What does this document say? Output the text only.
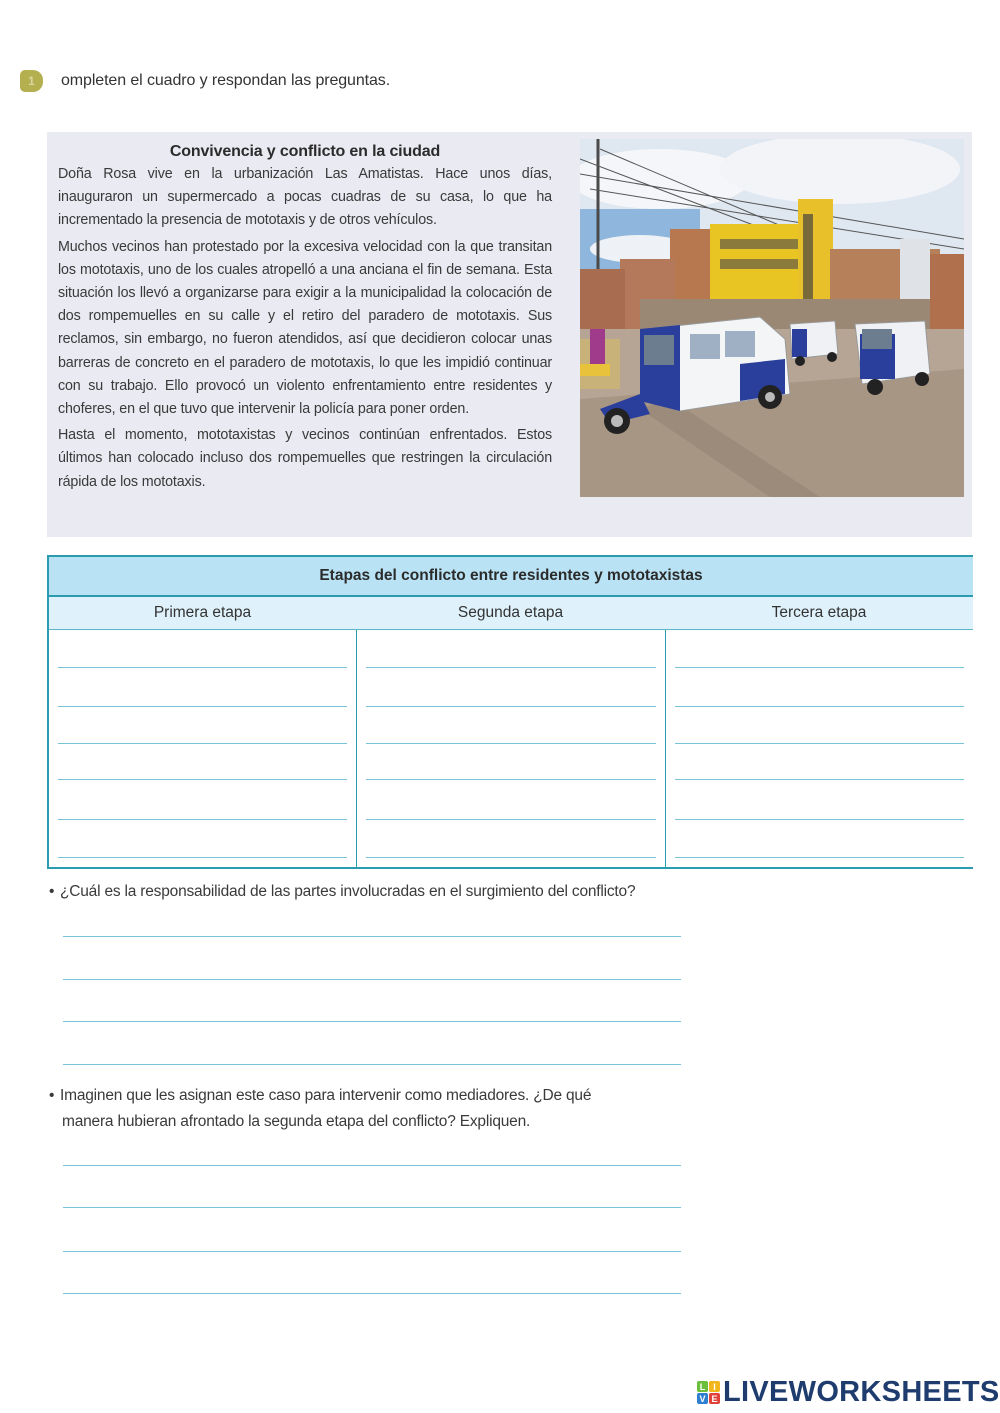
1	ompleten el cuadro y respondan las preguntas.
Convivencia y conflicto en la ciudad

Doña Rosa vive en la urbanización Las Amatistas. Hace unos días, inauguraron un supermercado a pocas cuadras de su casa, lo que ha incrementado la presencia de mototaxis y de otros vehículos.

Muchos vecinos han protestado por la excesiva velocidad con la que transitan los mototaxis, uno de los cuales atropelló a una anciana el fin de semana. Esta situación los llevó a organizarse para exigir a la municipalidad la colocación de dos rompemuelles en su calle y el retiro del paradero de mototaxis. Sus reclamos, sin embargo, no fueron atendidos, así que decidieron colocar unas barreras de concreto en el paradero de mototaxis, lo que les impidió continuar con su trabajo. Ello provocó un violento enfrentamiento entre residentes y choferes, en el que tuvo que intervenir la policía para poner orden.

Hasta el momento, mototaxistas y vecinos continúan enfrentados. Estos últimos han colocado incluso dos rompemuelles que restringen la circulación rápida de los mototaxis.

Etapas del conflicto entre residentes y mototaxistas
Primera etapa	Segunda etapa	Tercera etapa
• ¿Cuál es la responsabilidad de las partes involucradas en el surgimiento del conflicto?
• Imaginen que les asignan este caso para intervenir como mediadores. ¿De qué
manera hubieran afrontado la segunda etapa del conflicto? Expliquen.
L I
V E LIVEWORKSHEETS
